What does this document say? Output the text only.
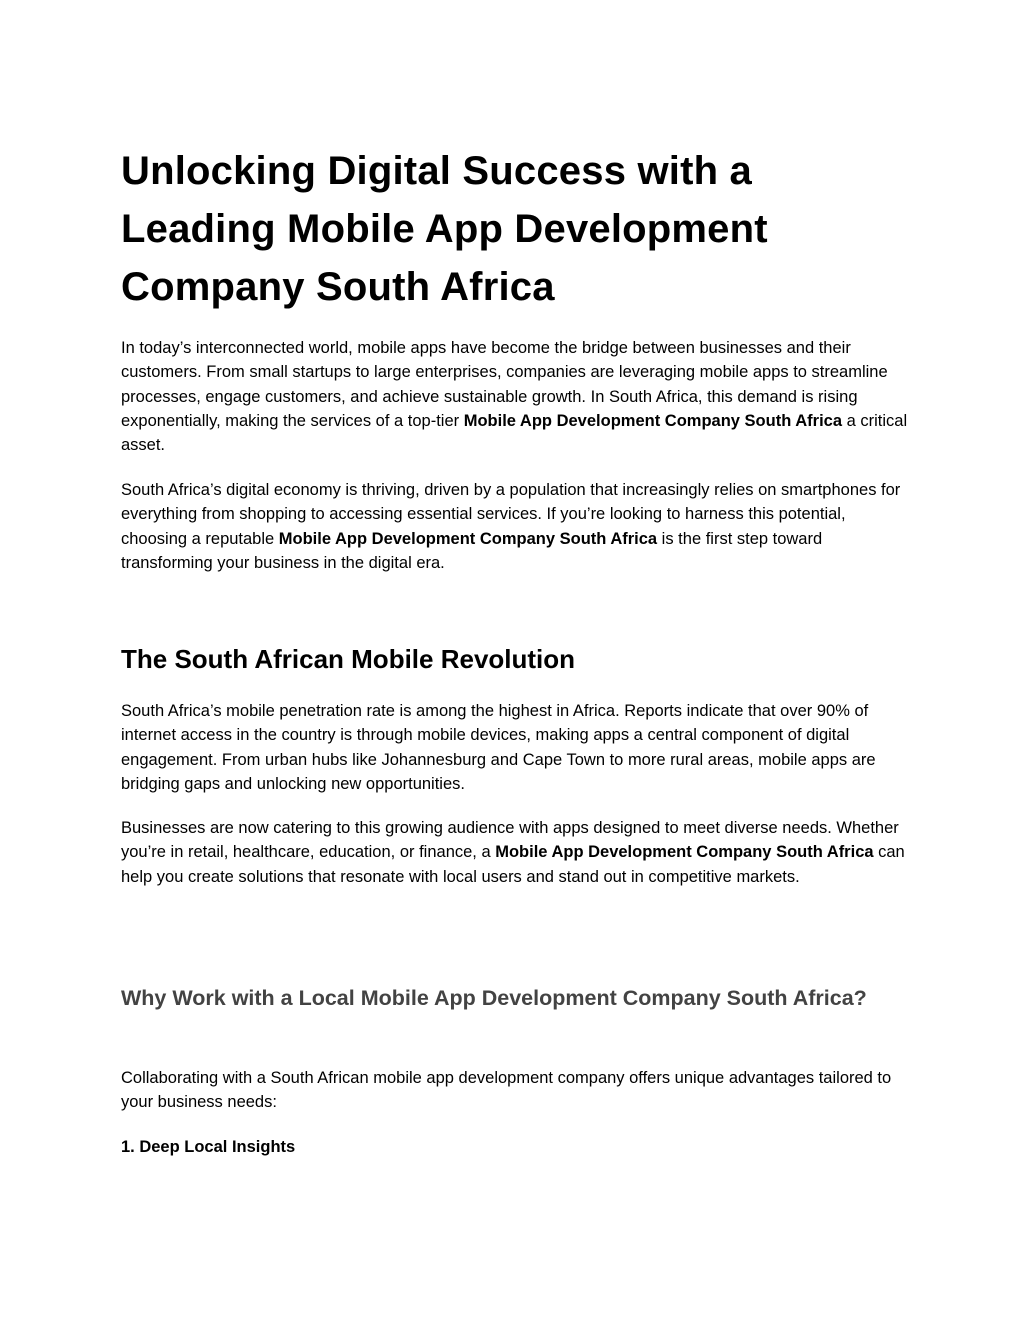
Unlocking Digital Success with a Leading Mobile App Development Company South Africa

In today’s interconnected world, mobile apps have become the bridge between businesses and their customers. From small startups to large enterprises, companies are leveraging mobile apps to streamline processes, engage customers, and achieve sustainable growth. In South Africa, this demand is rising exponentially, making the services of a top-tier Mobile App Development Company South Africa a critical asset.

South Africa’s digital economy is thriving, driven by a population that increasingly relies on smartphones for everything from shopping to accessing essential services. If you’re looking to harness this potential, choosing a reputable Mobile App Development Company South Africa is the first step toward transforming your business in the digital era.

The South African Mobile Revolution

South Africa’s mobile penetration rate is among the highest in Africa. Reports indicate that over 90% of internet access in the country is through mobile devices, making apps a central component of digital engagement. From urban hubs like Johannesburg and Cape Town to more rural areas, mobile apps are bridging gaps and unlocking new opportunities.

Businesses are now catering to this growing audience with apps designed to meet diverse needs. Whether you’re in retail, healthcare, education, or finance, a Mobile App Development Company South Africa can help you create solutions that resonate with local users and stand out in competitive markets.

Why Work with a Local Mobile App Development Company South Africa?

Collaborating with a South African mobile app development company offers unique advantages tailored to your business needs:

1. Deep Local Insights
